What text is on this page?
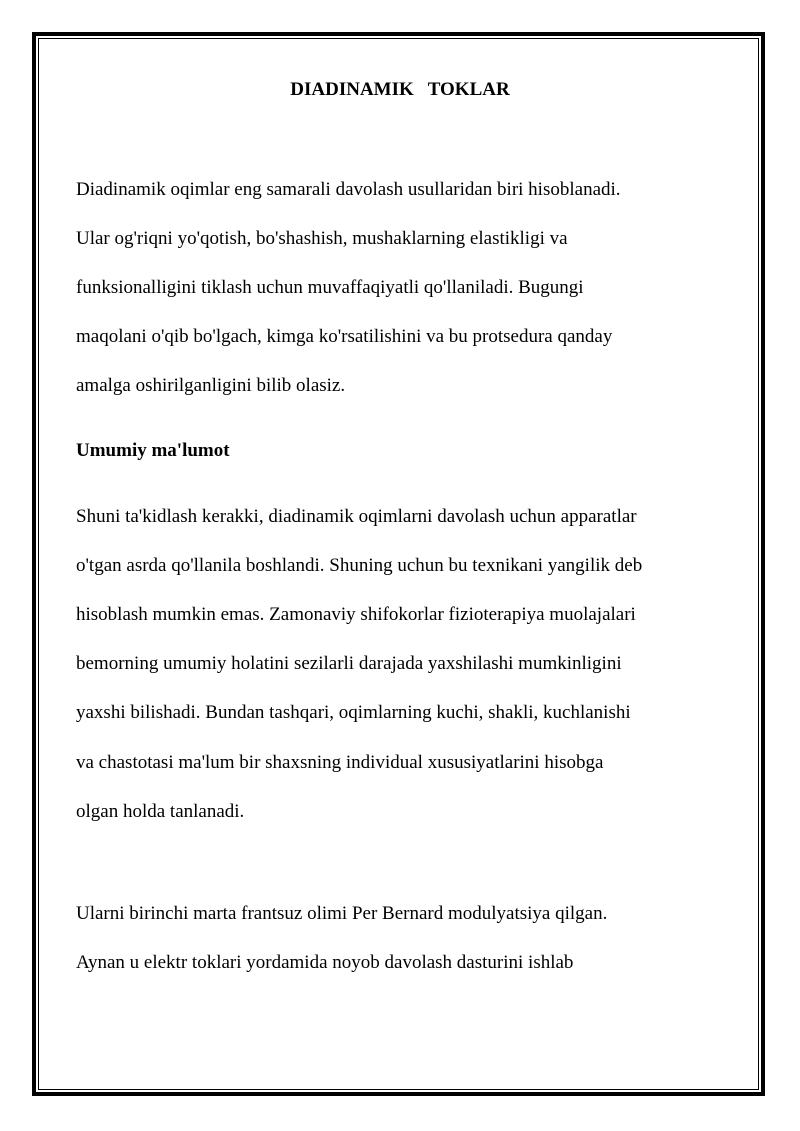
DIADINAMIK   TOKLAR
Diadinamik oqimlar eng samarali davolash usullaridan biri hisoblanadi.
Ular og'riqni yo'qotish, bo'shashish, mushaklarning elastikligi va
funksionalligini tiklash uchun muvaffaqiyatli qo'llaniladi. Bugungi
maqolani o'qib bo'lgach, kimga ko'rsatilishini va bu protsedura qanday
amalga oshirilganligini bilib olasiz.
Umumiy ma'lumot
Shuni ta'kidlash kerakki, diadinamik oqimlarni davolash uchun apparatlar
o'tgan asrda qo'llanila boshlandi. Shuning uchun bu texnikani yangilik deb
hisoblash mumkin emas. Zamonaviy shifokorlar fizioterapiya muolajalari
bemorning umumiy holatini sezilarli darajada yaxshilashi mumkinligini
yaxshi bilishadi. Bundan tashqari, oqimlarning kuchi, shakli, kuchlanishi
va chastotasi ma'lum bir shaxsning individual xususiyatlarini hisobga
olgan holda tanlanadi.
Ularni birinchi marta frantsuz olimi Per Bernard modulyatsiya qilgan.
Aynan u elektr toklari yordamida noyob davolash dasturini ishlab
